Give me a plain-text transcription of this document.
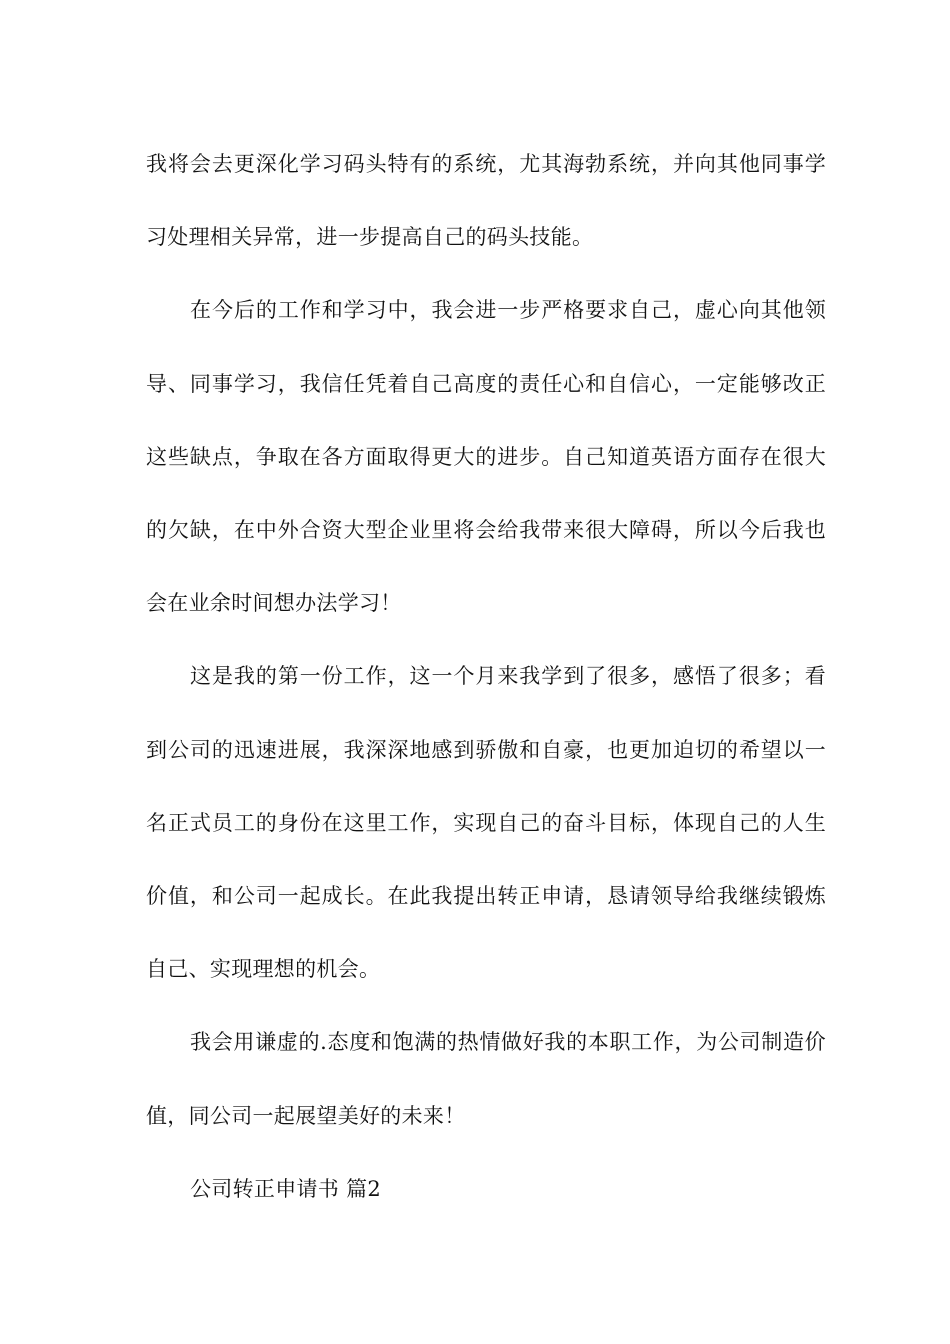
我将会去更深化学习码头特有的系统，尤其海勃系统，并向其他同事学习处理相关异常，进一步提高自己的码头技能。

在今后的工作和学习中，我会进一步严格要求自己，虚心向其他领导、同事学习，我信任凭着自己高度的责任心和自信心，一定能够改正这些缺点，争取在各方面取得更大的进步。自己知道英语方面存在很大的欠缺，在中外合资大型企业里将会给我带来很大障碍，所以今后我也会在业余时间想办法学习！

这是我的第一份工作，这一个月来我学到了很多，感悟了很多；看到公司的迅速进展，我深深地感到骄傲和自豪，也更加迫切的希望以一名正式员工的身份在这里工作，实现自己的奋斗目标，体现自己的人生价值，和公司一起成长。在此我提出转正申请，恳请领导给我继续锻炼自己、实现理想的机会。

我会用谦虚的.态度和饱满的热情做好我的本职工作，为公司制造价值，同公司一起展望美好的未来！

公司转正申请书 篇2
